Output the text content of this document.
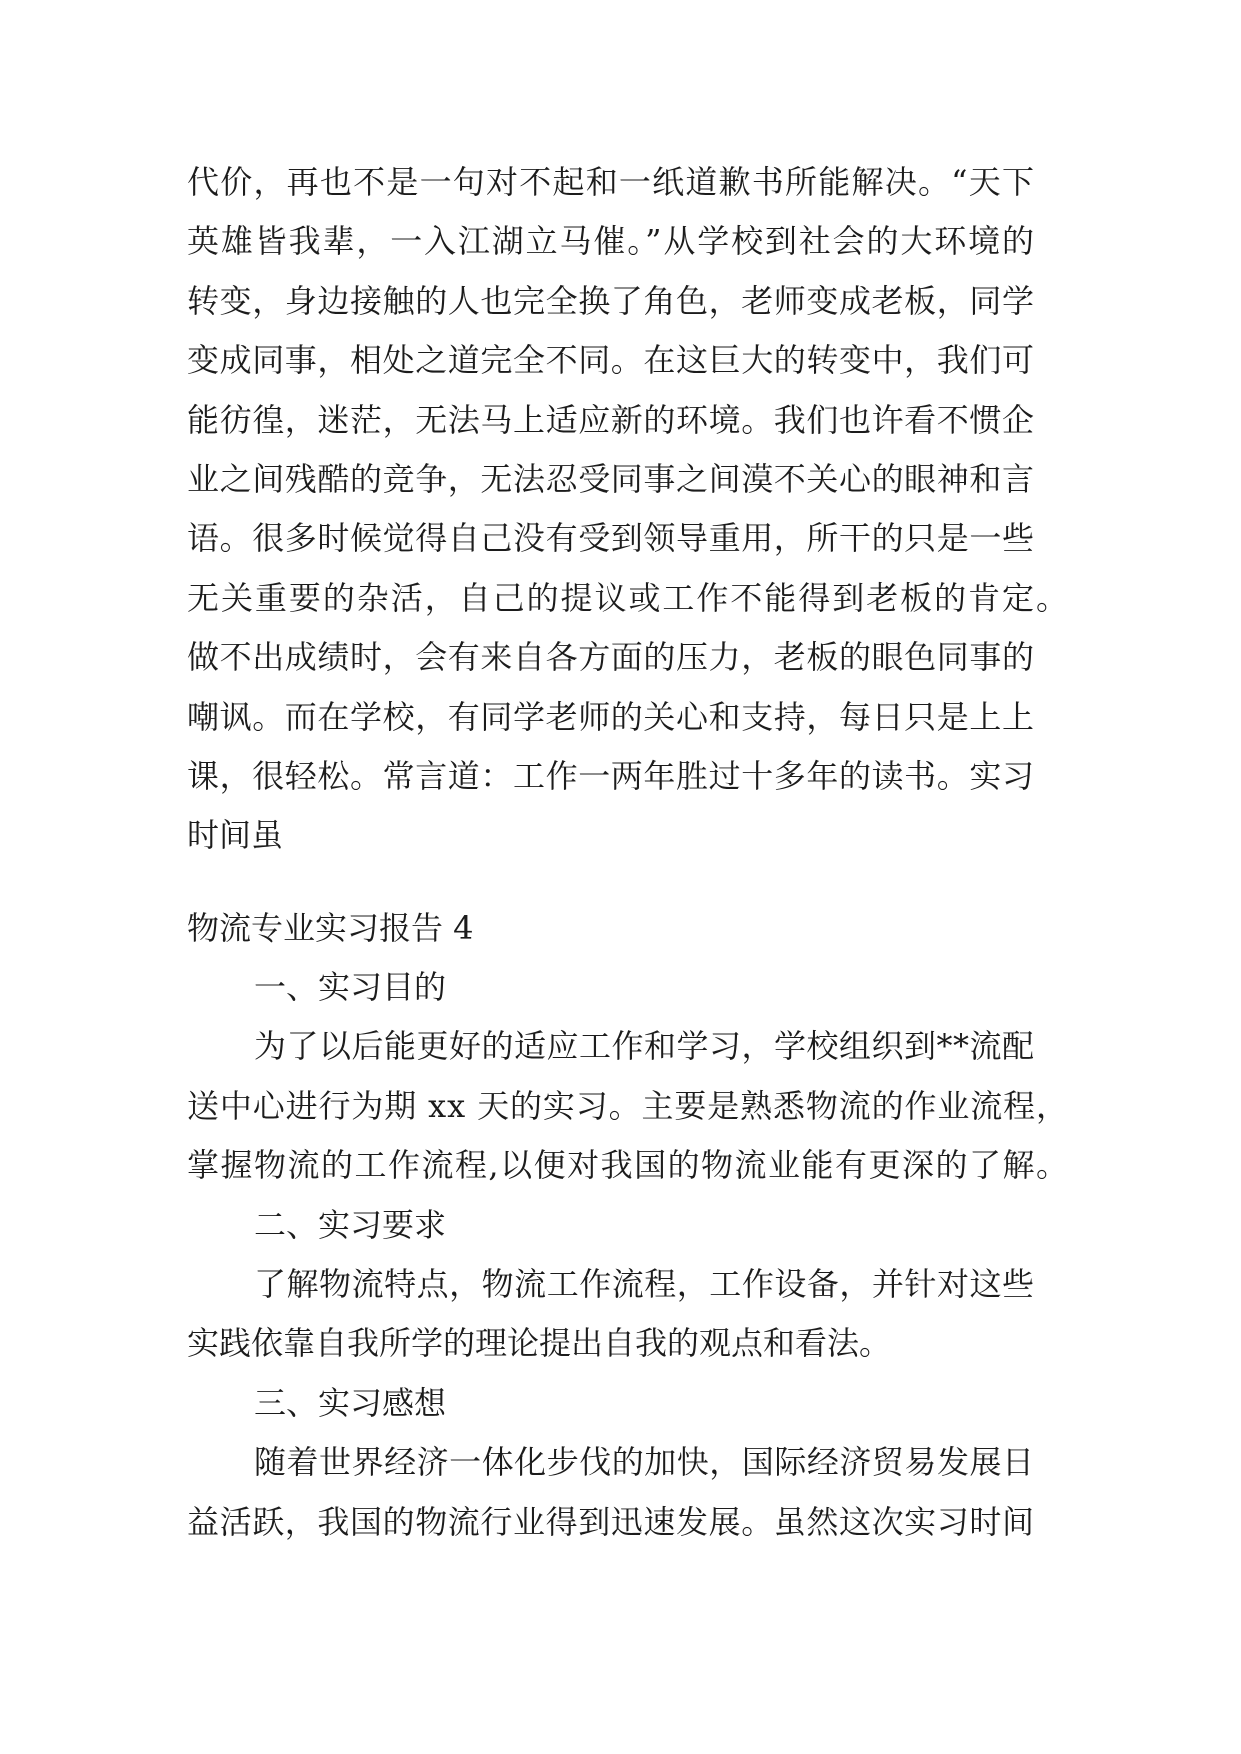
代价，再也不是一句对不起和一纸道歉书所能解决。“天下
英雄皆我辈，一入江湖立马催。”从学校到社会的大环境的
转变，身边接触的人也完全换了角色，老师变成老板，同学
变成同事，相处之道完全不同。在这巨大的转变中，我们可
能彷徨，迷茫，无法马上适应新的环境。我们也许看不惯企
业之间残酷的竞争，无法忍受同事之间漠不关心的眼神和言
语。很多时候觉得自己没有受到领导重用，所干的只是一些
无关重要的杂活，自己的提议或工作不能得到老板的肯定。
做不出成绩时，会有来自各方面的压力，老板的眼色同事的
嘲讽。而在学校，有同学老师的关心和支持，每日只是上上
课，很轻松。常言道：工作一两年胜过十多年的读书。实习
时间虽
物流专业实习报告 4
一、实习目的
为了以后能更好的适应工作和学习，学校组织到**流配
送中心进行为期 xx 天的实习。主要是熟悉物流的作业流程，
掌握物流的工作流程,以便对我国的物流业能有更深的了解。
二、实习要求
了解物流特点，物流工作流程，工作设备，并针对这些
实践依靠自我所学的理论提出自我的观点和看法。
三、实习感想
随着世界经济一体化步伐的加快，国际经济贸易发展日
益活跃，我国的物流行业得到迅速发展。虽然这次实习时间
